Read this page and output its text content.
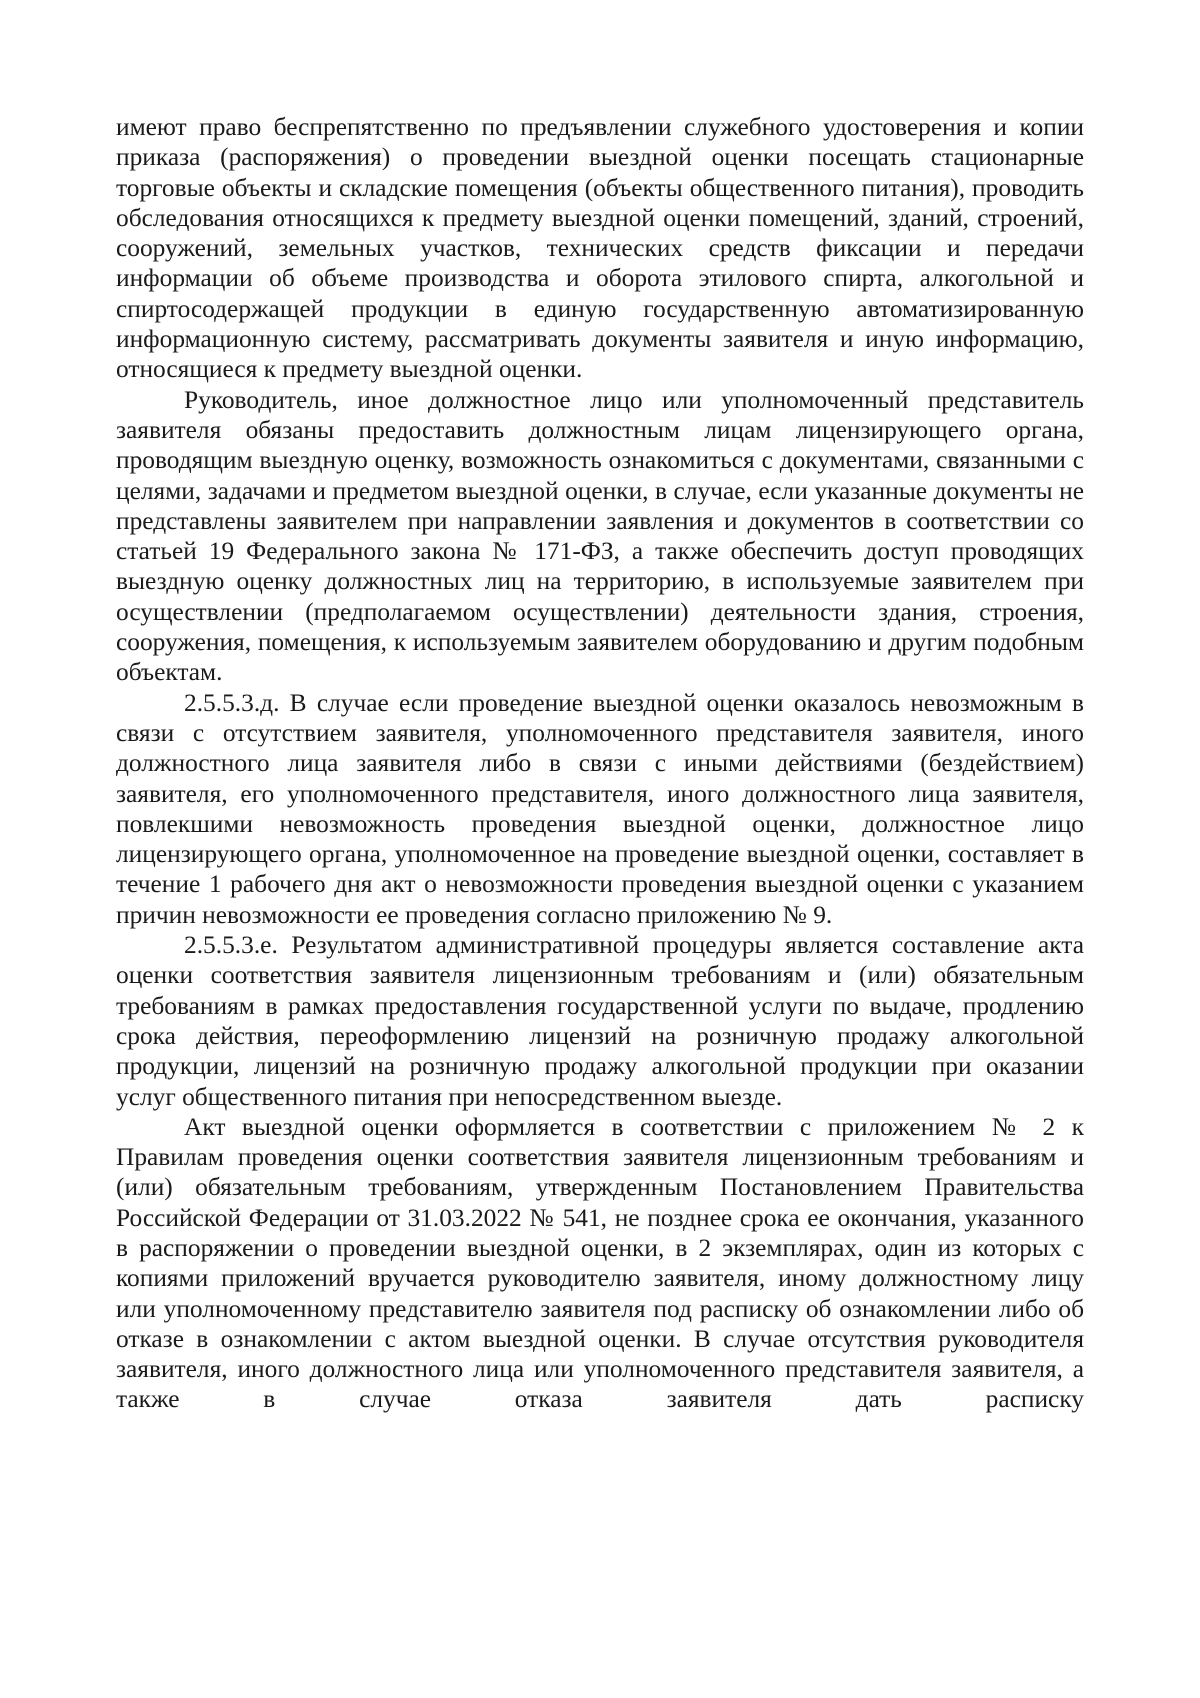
имеют право беспрепятственно по предъявлении служебного удостоверения и копии приказа (распоряжения) о проведении выездной оценки посещать стационарные торговые объекты и складские помещения (объекты общественного питания), проводить обследования относящихся к предмету выездной оценки помещений, зданий, строений, сооружений, земельных участков, технических средств фиксации и передачи информации об объеме производства и оборота этилового спирта, алкогольной и спиртосодержащей продукции в единую государственную автоматизированную информационную систему, рассматривать документы заявителя и иную информацию, относящиеся к предмету выездной оценки.

Руководитель, иное должностное лицо или уполномоченный представитель заявителя обязаны предоставить должностным лицам лицензирующего органа, проводящим выездную оценку, возможность ознакомиться с документами, связанными с целями, задачами и предметом выездной оценки, в случае, если указанные документы не представлены заявителем при направлении заявления и документов в соответствии со статьей 19 Федерального закона № 171-ФЗ, а также обеспечить доступ проводящих выездную оценку должностных лиц на территорию, в используемые заявителем при осуществлении (предполагаемом осуществлении) деятельности здания, строения, сооружения, помещения, к используемым заявителем оборудованию и другим подобным объектам.

2.5.5.3.д. В случае если проведение выездной оценки оказалось невозможным в связи с отсутствием заявителя, уполномоченного представителя заявителя, иного должностного лица заявителя либо в связи с иными действиями (бездействием) заявителя, его уполномоченного представителя, иного должностного лица заявителя, повлекшими невозможность проведения выездной оценки, должностное лицо лицензирующего органа, уполномоченное на проведение выездной оценки, составляет в течение 1 рабочего дня акт о невозможности проведения выездной оценки с указанием причин невозможности ее проведения согласно приложению № 9.

2.5.5.3.е. Результатом административной процедуры является составление акта оценки соответствия заявителя лицензионным требованиям и (или) обязательным требованиям в рамках предоставления государственной услуги по выдаче, продлению срока действия, переоформлению лицензий на розничную продажу алкогольной продукции, лицензий на розничную продажу алкогольной продукции при оказании услуг общественного питания при непосредственном выезде.

Акт выездной оценки оформляется в соответствии с приложением № 2 к Правилам проведения оценки соответствия заявителя лицензионным требованиям и (или) обязательным требованиям, утвержденным Постановлением Правительства Российской Федерации от 31.03.2022 № 541, не позднее срока ее окончания, указанного в распоряжении о проведении выездной оценки, в 2 экземплярах, один из которых с копиями приложений вручается руководителю заявителя, иному должностному лицу или уполномоченному представителю заявителя под расписку об ознакомлении либо об отказе в ознакомлении с актом выездной оценки. В случае отсутствия руководителя заявителя, иного должностного лица или уполномоченного представителя заявителя, а также в случае отказа заявителя дать расписку
